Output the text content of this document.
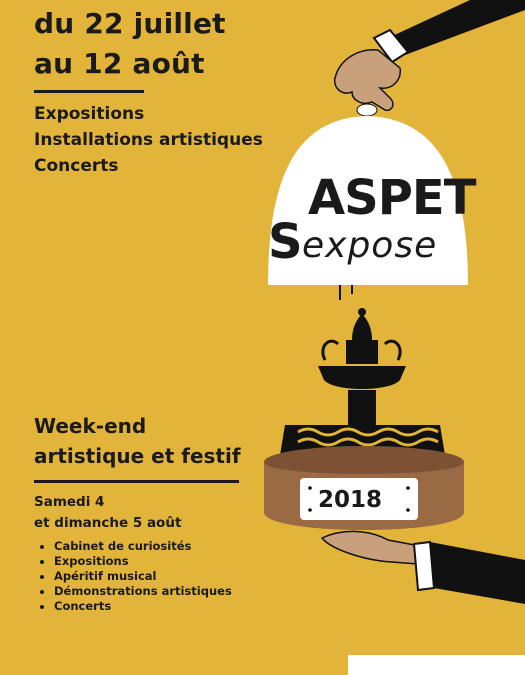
ASPET
S expose
2018
du 22 juillet
au 12 août
Expositions
Installations artistiques
Concerts
Week-end
artistique et festif
Samedi 4
et dimanche 5 août
Cabinet de curiosités
Expositions
Apéritif musical
Démonstrations artistiques
Concerts
